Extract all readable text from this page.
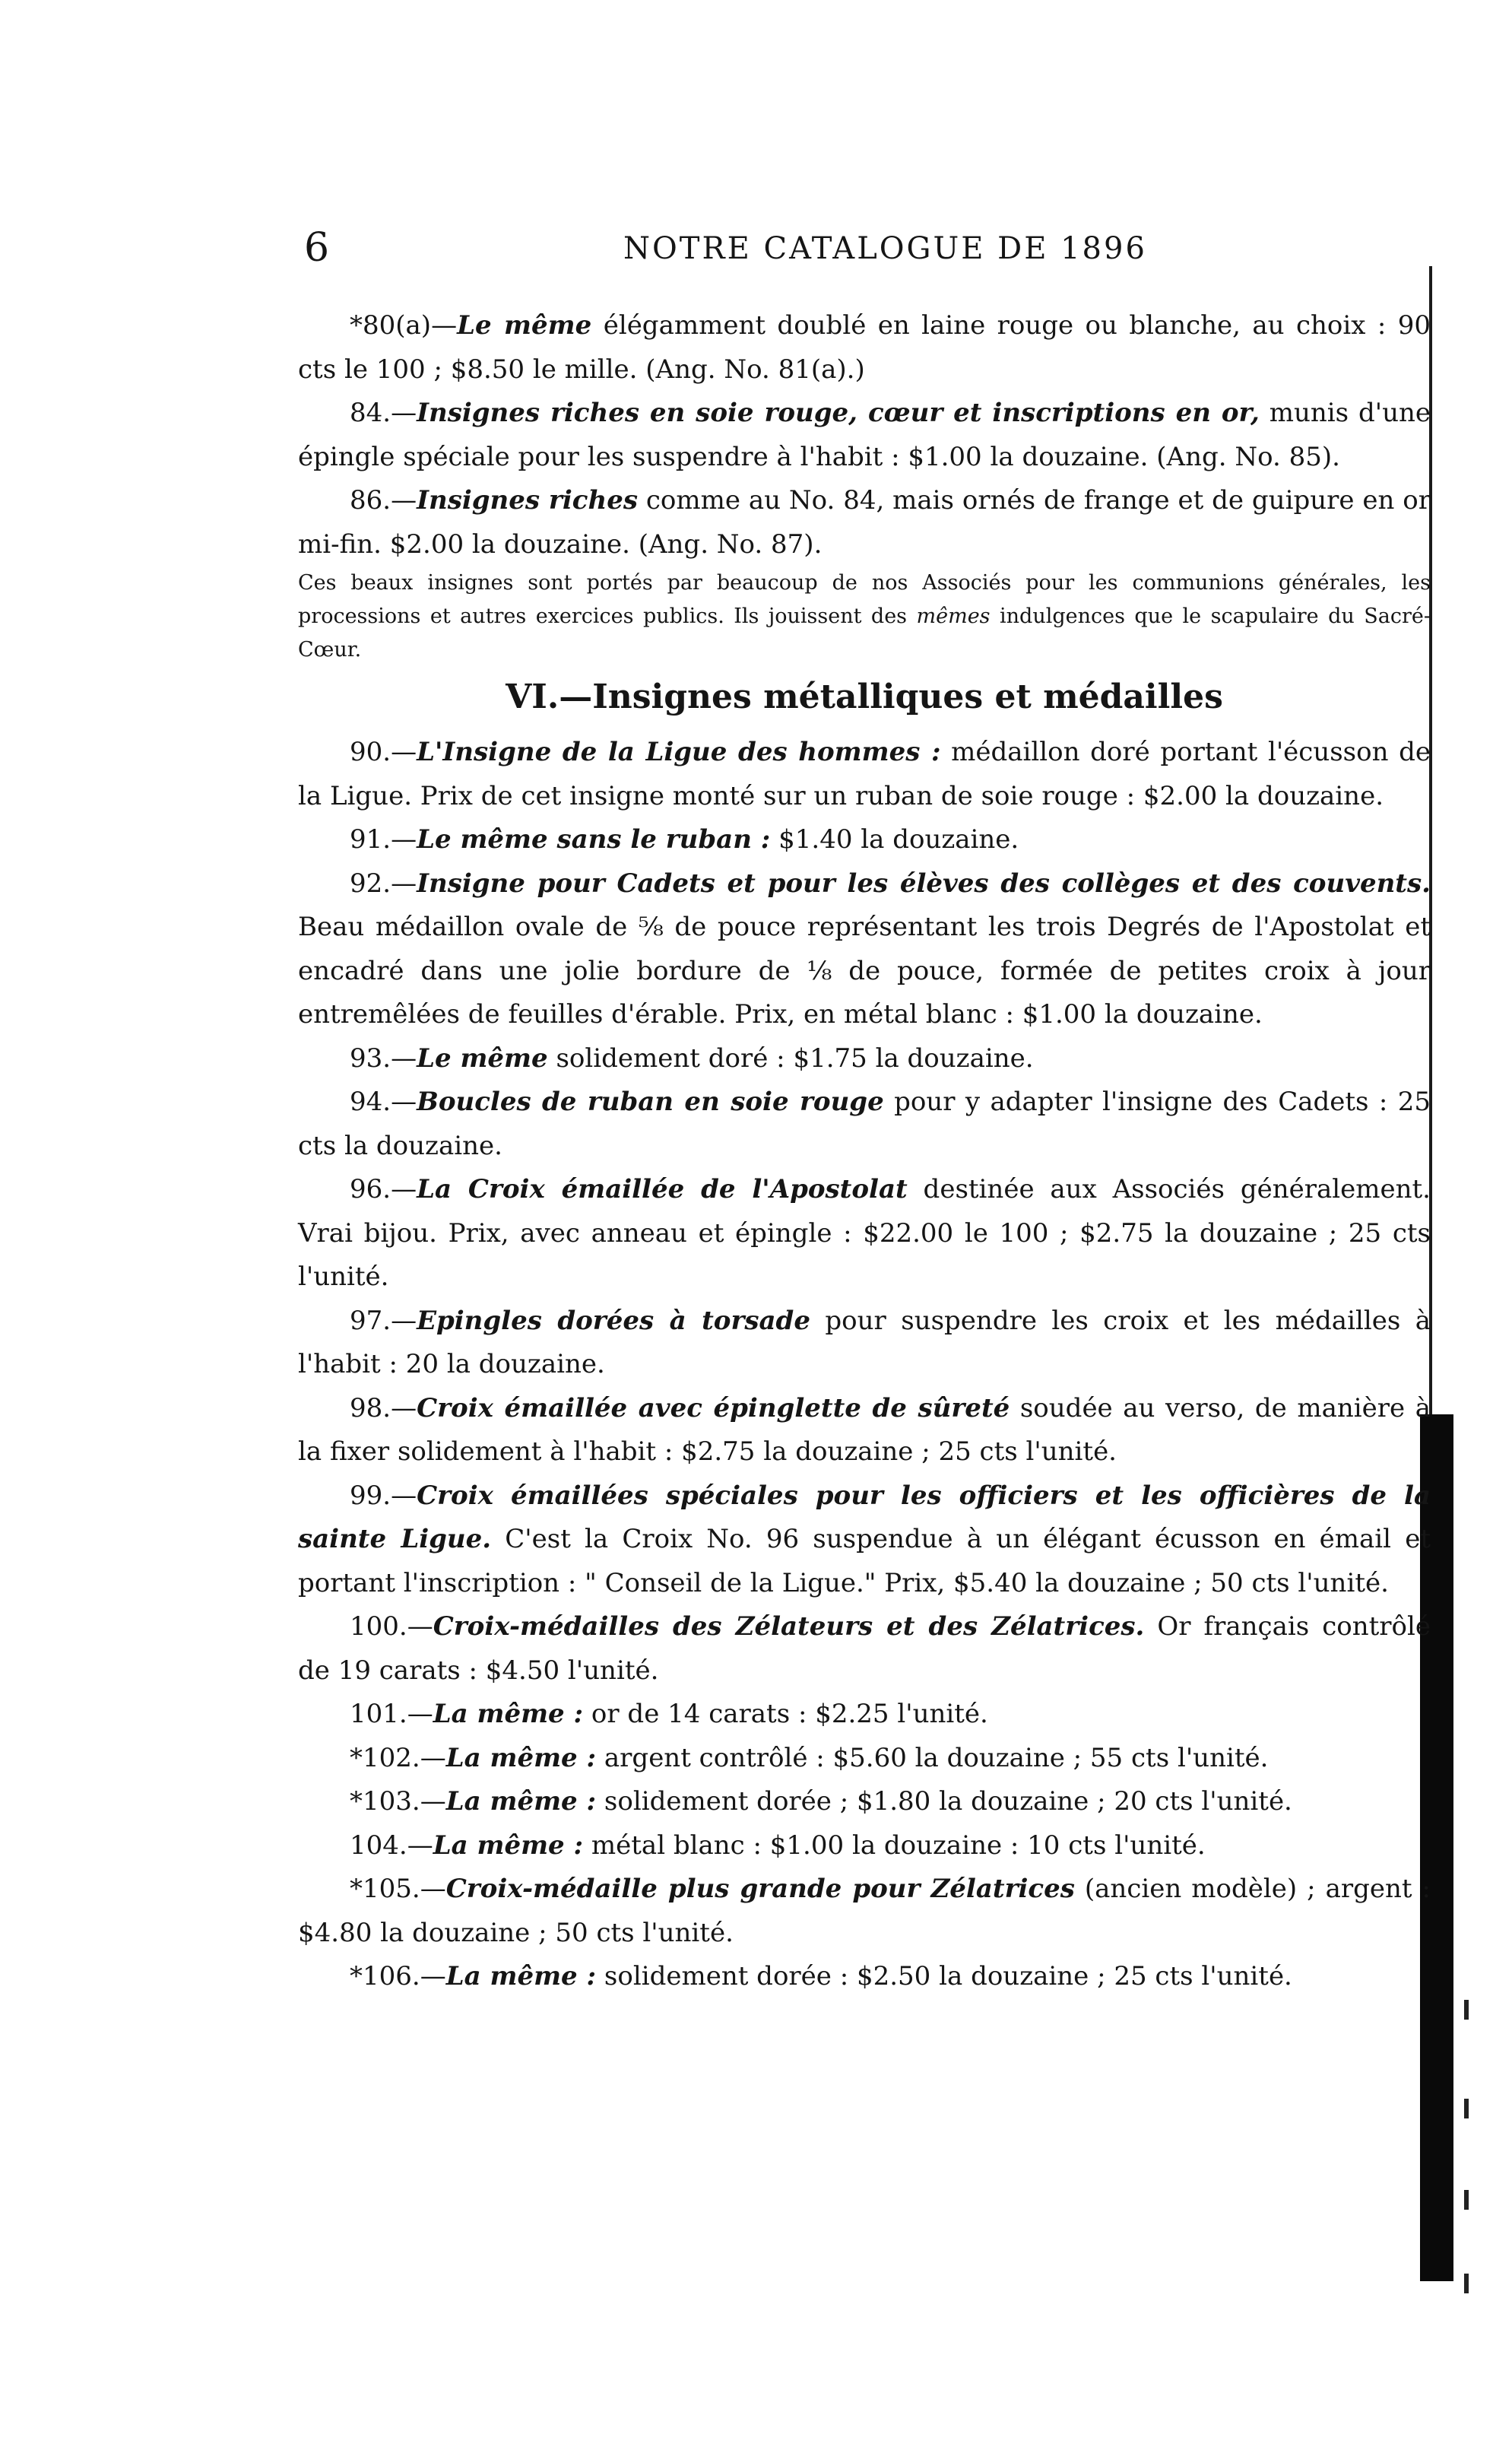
6	NOTRE CATALOGUE DE 1896

*80(a)—Le même élégamment doublé en laine rouge ou blanche, au choix : 90 cts le 100 ; $8.50 le mille. (Ang. No. 81(a).)

84.—Insignes riches en soie rouge, cœur et inscriptions en or, munis d'une épingle spéciale pour les suspendre à l'habit : $1.00 la douzaine. (Ang. No. 85).

86.—Insignes riches comme au No. 84, mais ornés de frange et de guipure en or mi-fin. $2.00 la douzaine. (Ang. No. 87).

Ces beaux insignes sont portés par beaucoup de nos Associés pour les communions générales, les processions et autres exercices publics. Ils jouissent des mêmes indulgences que le scapulaire du Sacré-Cœur.

VI.—Insignes métalliques et médailles

90.—L'Insigne de la Ligue des hommes : médaillon doré portant l'écusson de la Ligue. Prix de cet insigne monté sur un ruban de soie rouge : $2.00 la douzaine.

91.—Le même sans le ruban : $1.40 la douzaine.

92.—Insigne pour Cadets et pour les élèves des collèges et des couvents. Beau médaillon ovale de ⅝ de pouce représentant les trois Degrés de l'Apostolat et encadré dans une jolie bordure de ⅛ de pouce, formée de petites croix à jour entremêlées de feuilles d'érable. Prix, en métal blanc : $1.00 la douzaine.

93.—Le même solidement doré : $1.75 la douzaine.

94.—Boucles de ruban en soie rouge pour y adapter l'insigne des Cadets : 25 cts la douzaine.

96.—La Croix émaillée de l'Apostolat destinée aux Associés généralement. Vrai bijou. Prix, avec anneau et épingle : $22.00 le 100 ; $2.75 la douzaine ; 25 cts l'unité.

97.—Epingles dorées à torsade pour suspendre les croix et les médailles à l'habit : 20 la douzaine.

98.—Croix émaillée avec épinglette de sûreté soudée au verso, de manière à la fixer solidement à l'habit : $2.75 la douzaine ; 25 cts l'unité.

99.—Croix émaillées spéciales pour les officiers et les officières de la sainte Ligue. C'est la Croix No. 96 suspendue à un élégant écusson en émail et portant l'inscription : " Conseil de la Ligue." Prix, $5.40 la douzaine ; 50 cts l'unité.

100.—Croix-médailles des Zélateurs et des Zélatrices. Or français contrôlé de 19 carats : $4.50 l'unité.

101.—La même : or de 14 carats : $2.25 l'unité.

*102.—La même : argent contrôlé : $5.60 la douzaine ; 55 cts l'unité.

*103.—La même : solidement dorée ; $1.80 la douzaine ; 20 cts l'unité.

104.—La même : métal blanc : $1.00 la douzaine : 10 cts l'unité.

*105.—Croix-médaille plus grande pour Zélatrices (ancien modèle) ; argent : $4.80 la douzaine ; 50 cts l'unité.

*106.—La même : solidement dorée : $2.50 la douzaine ; 25 cts l'unité.
